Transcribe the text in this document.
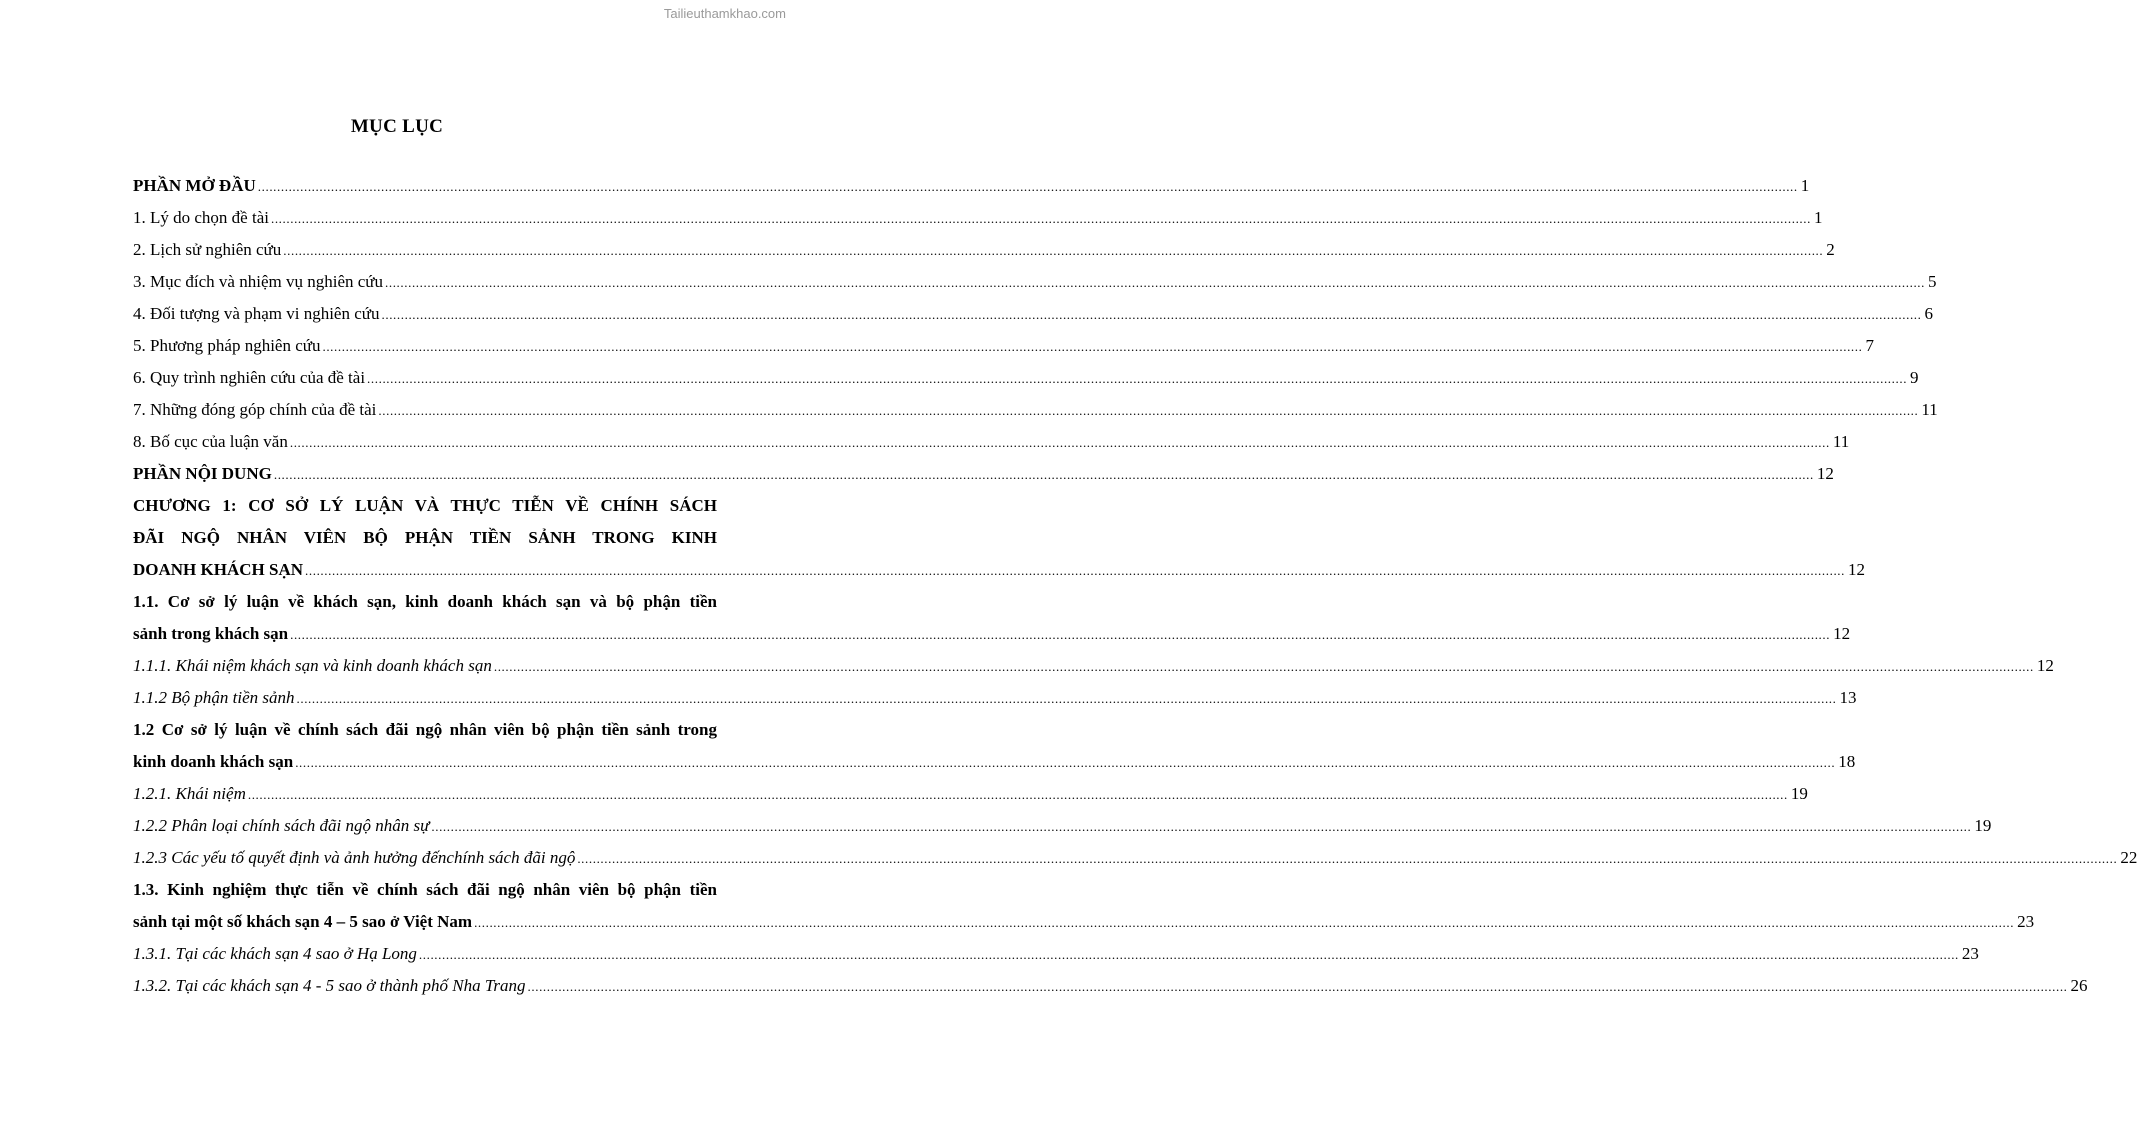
Tailieuthamkhao.com
MỤC LỤC
PHẦN MỞ ĐẦU ................................................................................................................................................................................................................................................................................................................................................................................................................ 1
1. Lý do chọn đề tài ................................................................................................................................................................................................................................................................................................................................................................................................................ 1
2. Lịch sử nghiên cứu ................................................................................................................................................................................................................................................................................................................................................................................................................ 2
3. Mục đích và nhiệm vụ nghiên cứu ................................................................................................................................................................................................................................................................................................................................................................................................................ 5
4. Đối tượng và phạm vi nghiên cứu ................................................................................................................................................................................................................................................................................................................................................................................................................ 6
5. Phương pháp nghiên cứu ................................................................................................................................................................................................................................................................................................................................................................................................................ 7
6. Quy trình nghiên cứu của đề tài ................................................................................................................................................................................................................................................................................................................................................................................................................ 9
7. Những đóng góp chính của đề tài ................................................................................................................................................................................................................................................................................................................................................................................................................ 11
8. Bố cục của luận văn ................................................................................................................................................................................................................................................................................................................................................................................................................ 11
PHẦN NỘI DUNG ................................................................................................................................................................................................................................................................................................................................................................................................................ 12
CHƯƠNG 1: CƠ SỞ LÝ LUẬN VÀ THỰC TIỄN VỀ CHÍNH SÁCH
ĐÃI NGỘ NHÂN VIÊN BỘ PHẬN TIỀN SẢNH TRONG KINH
DOANH KHÁCH SẠN ................................................................................................................................................................................................................................................................................................................................................................................................................ 12
1.1. Cơ sở lý luận về khách sạn, kinh doanh khách sạn và bộ phận tiền
sảnh trong khách sạn ................................................................................................................................................................................................................................................................................................................................................................................................................ 12
1.1.1. Khái niệm khách sạn và kinh doanh khách sạn ................................................................................................................................................................................................................................................................................................................................................................................................................ 12
1.1.2 Bộ phận tiền sảnh ................................................................................................................................................................................................................................................................................................................................................................................................................ 13
1.2 Cơ sở lý luận về chính sách đãi ngộ nhân viên bộ phận tiền sảnh trong
kinh doanh khách sạn ................................................................................................................................................................................................................................................................................................................................................................................................................ 18
1.2.1. Khái niệm ................................................................................................................................................................................................................................................................................................................................................................................................................ 19
1.2.2 Phân loại chính sách đãi ngộ nhân sự ................................................................................................................................................................................................................................................................................................................................................................................................................ 19
1.2.3 Các yếu tố quyết định và ảnh hưởng đếnchính sách đãi ngộ ................................................................................................................................................................................................................................................................................................................................................................................................................ 22
1.3. Kinh nghiệm thực tiễn về chính sách đãi ngộ nhân viên bộ phận tiền
sảnh tại một số khách sạn 4 – 5 sao ở Việt Nam ................................................................................................................................................................................................................................................................................................................................................................................................................ 23
1.3.1. Tại các khách sạn 4 sao ở Hạ Long ................................................................................................................................................................................................................................................................................................................................................................................................................ 23
1.3.2. Tại các khách sạn 4 - 5 sao ở thành phố Nha Trang ................................................................................................................................................................................................................................................................................................................................................................................................................ 26
